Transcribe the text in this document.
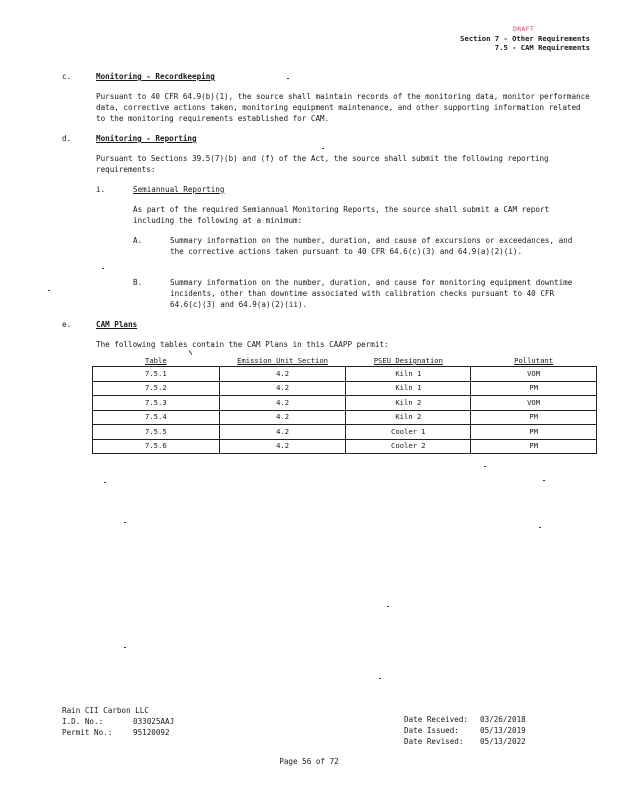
DRAFT
Section 7 - Other Requirements
7.5 - CAM Requirements
c.	Monitoring - Recordkeeping
Pursuant to 40 CFR 64.9(b)(1), the source shall maintain records of the monitoring data, monitor performance data, corrective actions taken, monitoring equipment maintenance, and other supporting information related to the monitoring requirements established for CAM.
d.	Monitoring - Reporting
Pursuant to Sections 39.5(7)(b) and (f) of the Act, the source shall submit the following reporting requirements:
i.	Semiannual Reporting
As part of the required Semiannual Monitoring Reports, the source shall submit a CAM report including the following at a minimum:
A.	Summary information on the number, duration, and cause of excursions or exceedances, and the corrective actions taken pursuant to 40 CFR 64.6(c)(3) and 64.9(a)(2)(i).
B.	Summary information on the number, duration, and cause for monitoring equipment downtime incidents, other than downtime associated with calibration checks pursuant to 40 CFR 64.6(c)(3) and 64.9(a)(2)(ii).
e.	CAM Plans
The following tables contain the CAM Plans in this CAAPP permit:
Table	Emission Unit Section	PSEU Designation	Pollutant
7.5.1	4.2	Kiln 1	VOM
7.5.2	4.2	Kiln 1	PM
7.5.3	4.2	Kiln 2	VOM
7.5.4	4.2	Kiln 2	PM
7.5.5	4.2	Cooler 1	PM
7.5.6	4.2	Cooler 2	PM
Rain CII Carbon LLC
I.D. No.:	033025AAJ
Permit No.:	95120092
Date Received: 03/26/2018
Date Issued:	05/13/2019
Date Revised: 05/13/2022
Page 56 of 72
